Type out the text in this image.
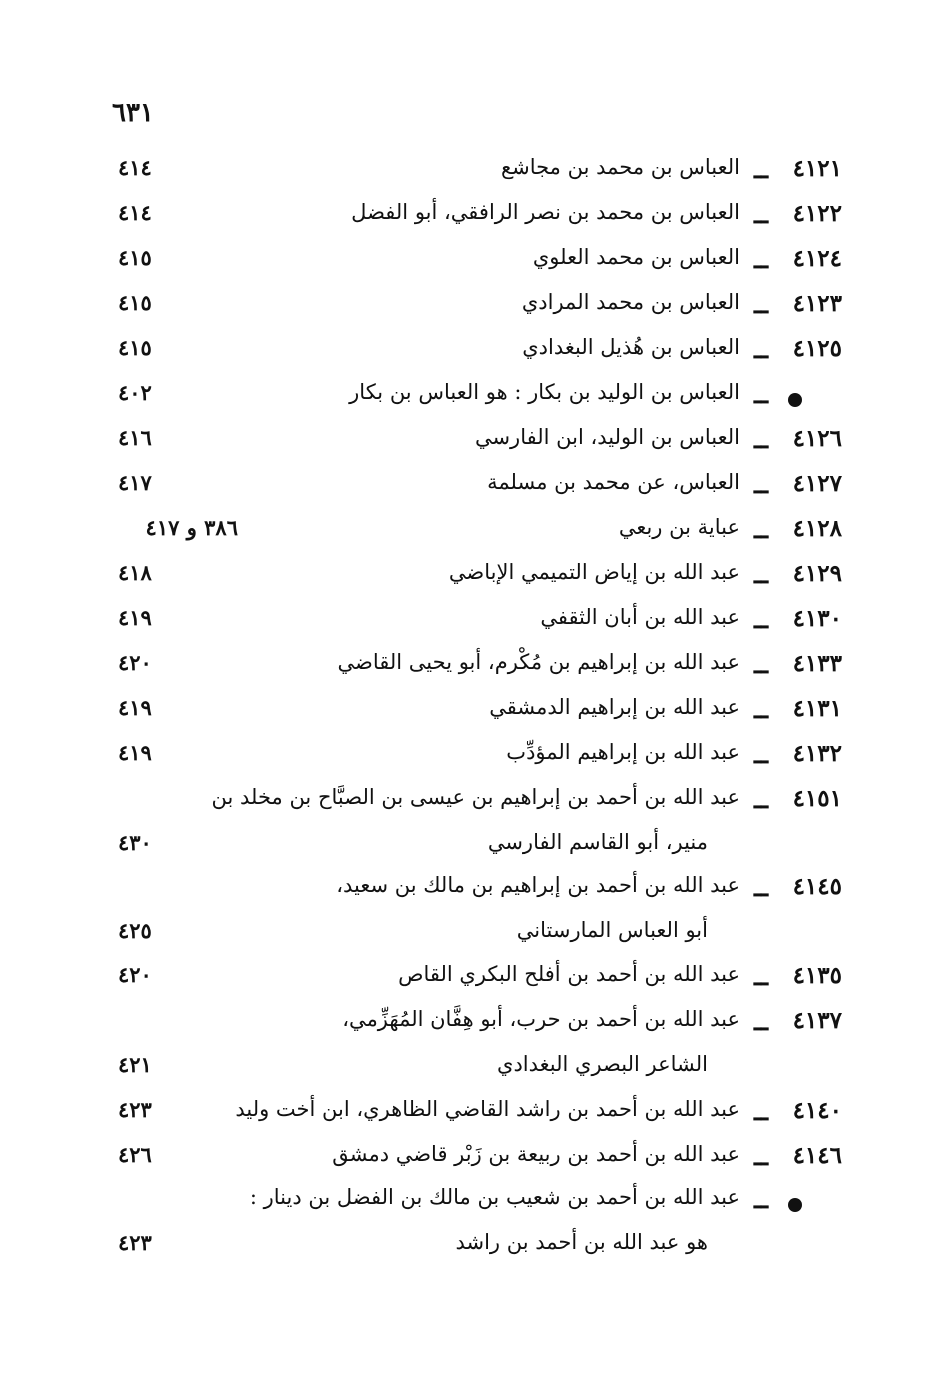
٦٣١
٤١٢١
ــ
العباس بن محمد بن مجاشع
٤١٤
٤١٢٢
ــ
العباس بن محمد بن نصر الرافقي، أبو الفضل
٤١٤
٤١٢٤
ــ
العباس بن محمد العلوي
٤١٥
٤١٢٣
ــ
العباس بن محمد المرادي
٤١٥
٤١٢٥
ــ
العباس بن هُذيل البغدادي
٤١٥
ــ
العباس بن الوليد بن بكار : هو العباس بن بكار
٤٠٢
٤١٢٦
ــ
العباس بن الوليد، ابن الفارسي
٤١٦
٤١٢٧
ــ
العباس، عن محمد بن مسلمة
٤١٧
٤١٢٨
ــ
عباية بن ربعي
٣٨٦ و ٤١٧
٤١٢٩
ــ
عبد الله بن إياض التميمي الإباضي
٤١٨
٤١٣٠
ــ
عبد الله بن أبان الثقفي
٤١٩
٤١٣٣
ــ
عبد الله بن إبراهيم بن مُكْرم، أبو يحيى القاضي
٤٢٠
٤١٣١
ــ
عبد الله بن إبراهيم الدمشقي
٤١٩
٤١٣٢
ــ
عبد الله بن إبراهيم المؤدِّب
٤١٩
٤١٥١
ــ
عبد الله بن أحمد بن إبراهيم بن عيسى بن الصبَّاح بن مخلد بن
منير، أبو القاسم الفارسي
٤٣٠
٤١٤٥
ــ
عبد الله بن أحمد بن إبراهيم بن مالك بن سعيد،
أبو العباس المارستاني
٤٢٥
٤١٣٥
ــ
عبد الله بن أحمد بن أفلح البكري القاص
٤٢٠
٤١٣٧
ــ
عبد الله بن أحمد بن حرب، أبو هِفَّان المُهَزِّمي،
الشاعر البصري البغدادي
٤٢١
٤١٤٠
ــ
عبد الله بن أحمد بن راشد القاضي الظاهري، ابن أخت وليد
٤٢٣
٤١٤٦
ــ
عبد الله بن أحمد بن ربيعة بن زَبْر قاضي دمشق
٤٢٦
ــ
عبد الله بن أحمد بن شعيب بن مالك بن الفضل بن دينار :
هو عبد الله بن أحمد بن راشد
٤٢٣
